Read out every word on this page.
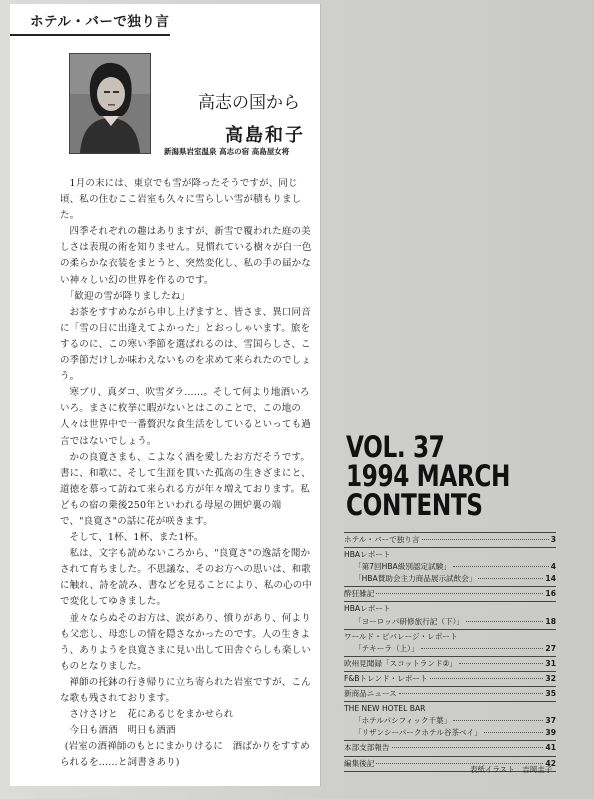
ホテル・バーで独り言
高志の国から
高島和子
新潟県岩室温泉 高志の宿 高島屋女将

1月の末には、東京でも雪が降ったそうですが、同じ頃、私の住むここ岩室も久々に雪らしい雪が積もりました。

四季それぞれの趣はありますが、新雪で覆われた庭の美しさは表現の術を知りません。見慣れている樹々が白一色の柔らかな衣装をまとうと、突然変化し、私の手の届かない神々しい幻の世界を作るのです。

「歓迎の雪が降りましたね」

お茶をすすめながら申し上げますと、皆さま、異口同音に「雪の日に出逢えてよかった」とおっしゃいます。旅をするのに、この寒い季節を選ばれるのは、雪国らしさ、この季節だけしか味わえないものを求めて来られたのでしょう。

寒ブリ、真ダコ、吹雪ダラ……。そして何より地酒いろいろ。まさに枚挙に暇がないとはこのことで、この地の人々は世界中で一番贅沢な食生活をしているといっても過言ではないでしょう。

かの良寛さまも、こよなく酒を愛したお方だそうです。書に、和歌に、そして生涯を貫いた孤高の生きざまにと、道徳を慕って訪ねて来られる方が年々増えております。私どもの宿の乗後250年といわれる母屋の囲炉裏の端で、"良寛さ"の話に花が咲きます。

そして、1杯、1杯、また1杯。

私は、文字も読めないころから、"良寛さ"の逸話を聞かされて育ちました。不思議な、そのお方への思いは、和歌に触れ、詩を読み、書などを見ることにより、私の心の中で変化してゆきました。

並々ならぬそのお方は、涙があり、憤りがあり、何よりも父恋し、母恋しの情を隠さなかったのです。人の生きよう、ありようを良寛さまに見い出して田舎ぐらしも楽しいものとなりました。

禅師の托鉢の行き帰りに立ち寄られた岩室ですが、こんな歌も残されております。

さけさけと　花にあるじをまかせられ

今日も酒酒　明日も酒酒

(岩室の酒禅師のもとにまかりけるに　酒ばかりをすすめられるを……と詞書きあり)

VOL. 37
1994 MARCH
CONTENTS
ホテル・バーで独り言	3
HBAレポート
「第7回HBA級別認定試験」	4
「HBA賛助会主力商品展示試飲会」	14
酔狂雑記	16
HBAレポート
「ヨーロッパ研修旅行記（下）」	18
ワールド・ビバレージ・レポート
「テキーラ（上）」	27
欧州見聞録「スコットランド②」	31
F&Bトレンド・レポート	32
新商品ニュース	35
THE NEW HOTEL BAR
「ホテルパシフィック千葉」	37
「リザンシーパークホテル谷茶ベイ」	39
本部支部報告	41
編集後記	42
表紙イラスト　吉岡圭子
